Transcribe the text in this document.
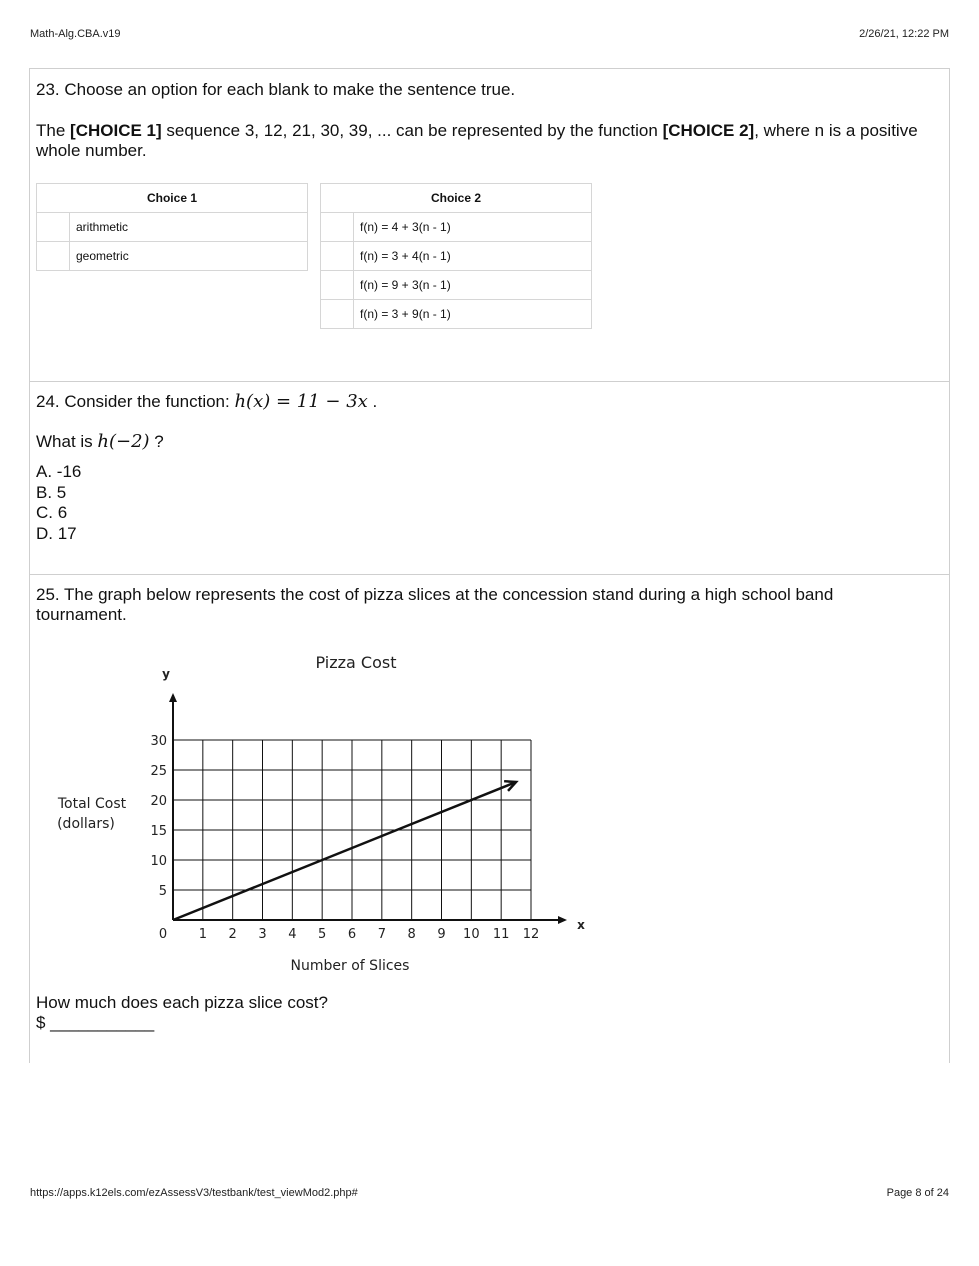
Math-Alg.CBA.v19	2/26/21, 12:22 PM

23. Choose an option for each blank to make the sentence true.

The [CHOICE 1] sequence 3, 12, 21, 30, 39, ... can be represented by the function [CHOICE 2], where n is a positive whole number.

Choice 1	
	arithmetic
	geometric
Choice 2	
	f(n) = 4 + 3(n - 1)
	f(n) = 3 + 4(n - 1)
	f(n) = 9 + 3(n - 1)
	f(n) = 3 + 9(n - 1)

24. Consider the function: h(x) = 11 − 3x .

What is h(−2) ?

A. -16
B. 5
C. 6
D. 17

25. The graph below represents the cost of pizza slices at the concession stand during a high school band tournament.

Pizza Cost
y
x
Total Cost
(dollars)
Number of Slices
0 1 2 3 4 5 6 7 8 9 10 11 12
5
10
15
20
25
30

How much does each pizza slice cost?

$ ___________

https://apps.k12els.com/ezAssessV3/testbank/test_viewMod2.php#	Page 8 of 24
